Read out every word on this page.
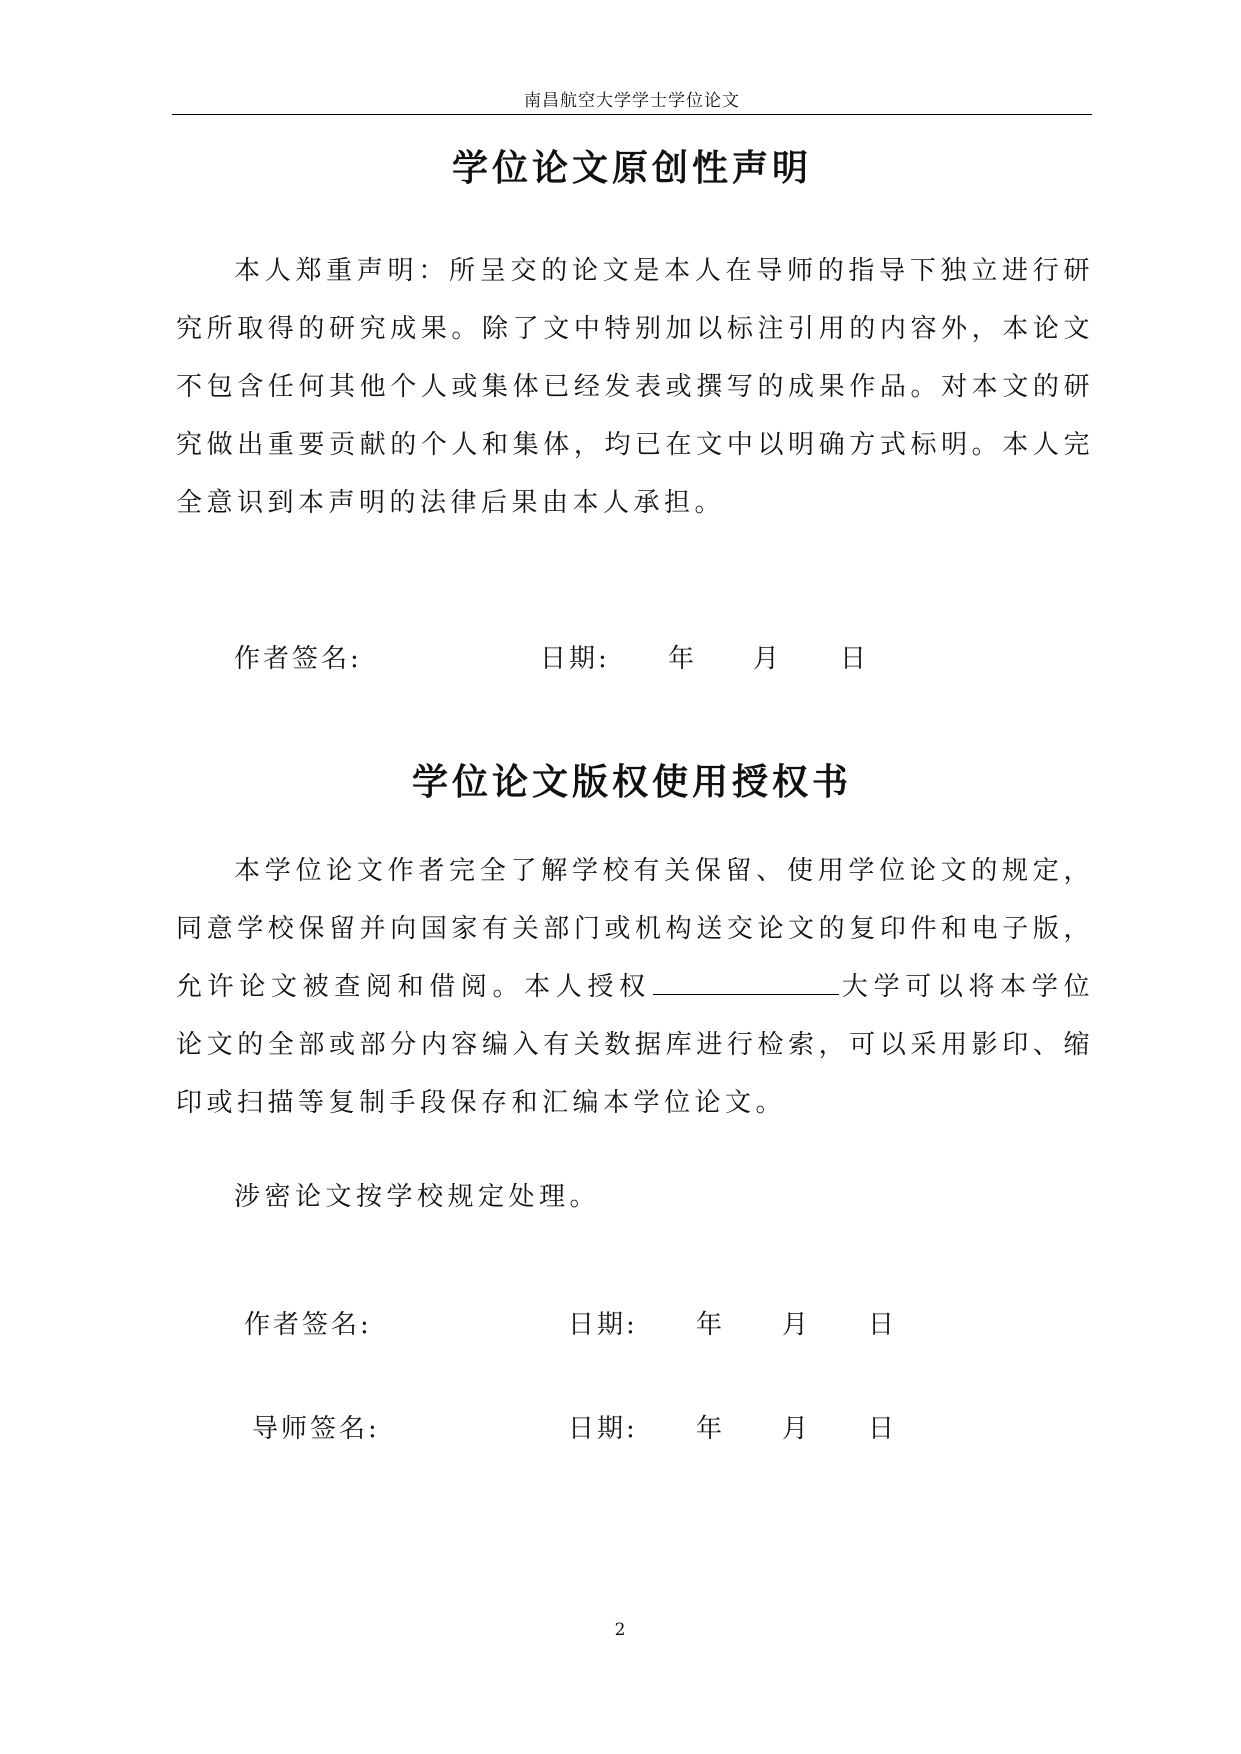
南昌航空大学学士学位论文
学位论文原创性声明
本人郑重声明：所呈交的论文是本人在导师的指导下独立进行研究所取得的研究成果。除了文中特别加以标注引用的内容外，本论文不包含任何其他个人或集体已经发表或撰写的成果作品。对本文的研究做出重要贡献的个人和集体，均已在文中以明确方式标明。本人完全意识到本声明的法律后果由本人承担。
作者签名:	日期: 年 月 日
学位论文版权使用授权书
本学位论文作者完全了解学校有关保留、使用学位论文的规定，同意学校保留并向国家有关部门或机构送交论文的复印件和电子版，允许论文被查阅和借阅。本人授权	大学可以将本学位论文的全部或部分内容编入有关数据库进行检索，可以采用影印、缩印或扫描等复制手段保存和汇编本学位论文。
涉密论文按学校规定处理。
作者签名:	日期: 年 月 日
导师签名:	日期: 年 月 日
2
